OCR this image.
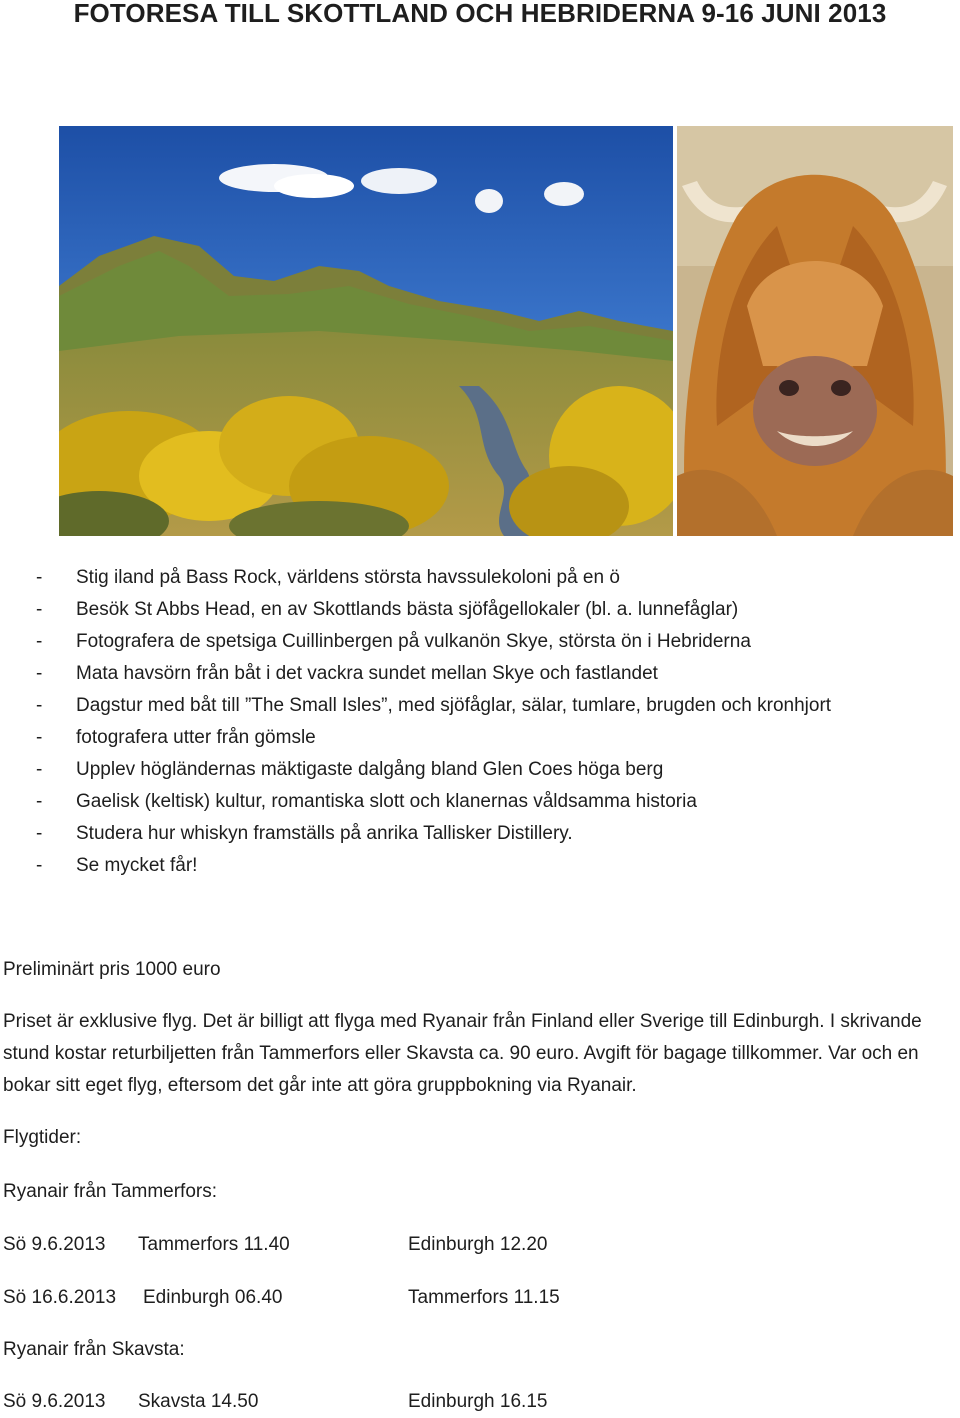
FOTORESA TILL SKOTTLAND OCH HEBRIDERNA 9-16 JUNI 2013
- Stig iland på Bass Rock, världens största havssulekoloni på en ö
- Besök St Abbs Head, en av Skottlands bästa sjöfågellokaler (bl. a. lunnefåglar)
- Fotografera de spetsiga Cuillinbergen på vulkanön Skye, största ön i Hebriderna
- Mata havsörn från båt i det vackra sundet mellan Skye och fastlandet
- Dagstur med båt till ”The Small Isles”, med sjöfåglar, sälar, tumlare, brugden och kronhjort
- fotografera utter från gömsle
- Upplev högländernas mäktigaste dalgång bland Glen Coes höga berg
- Gaelisk (keltisk) kultur, romantiska slott och klanernas våldsamma historia
- Studera hur whiskyn framställs på anrika Tallisker Distillery.
- Se mycket får!

Preliminärt pris 1000 euro

Priset är exklusive flyg. Det är billigt att flyga med Ryanair från Finland eller Sverige till Edinburgh. I skrivande stund kostar returbiljetten från Tammerfors eller Skavsta ca. 90 euro. Avgift för bagage tillkommer. Var och en bokar sitt eget flyg, eftersom det går inte att göra gruppbokning via Ryanair.

Flygtider:

Ryanair från Tammerfors:

Sö 9.6.2013 Tammerfors 11.40	Edinburgh 12.20
Sö 16.6.2013 Edinburgh 06.40	Tammerfors 11.15

Ryanair från Skavsta:

Sö 9.6.2013 Skavsta 14.50	Edinburgh 16.15
